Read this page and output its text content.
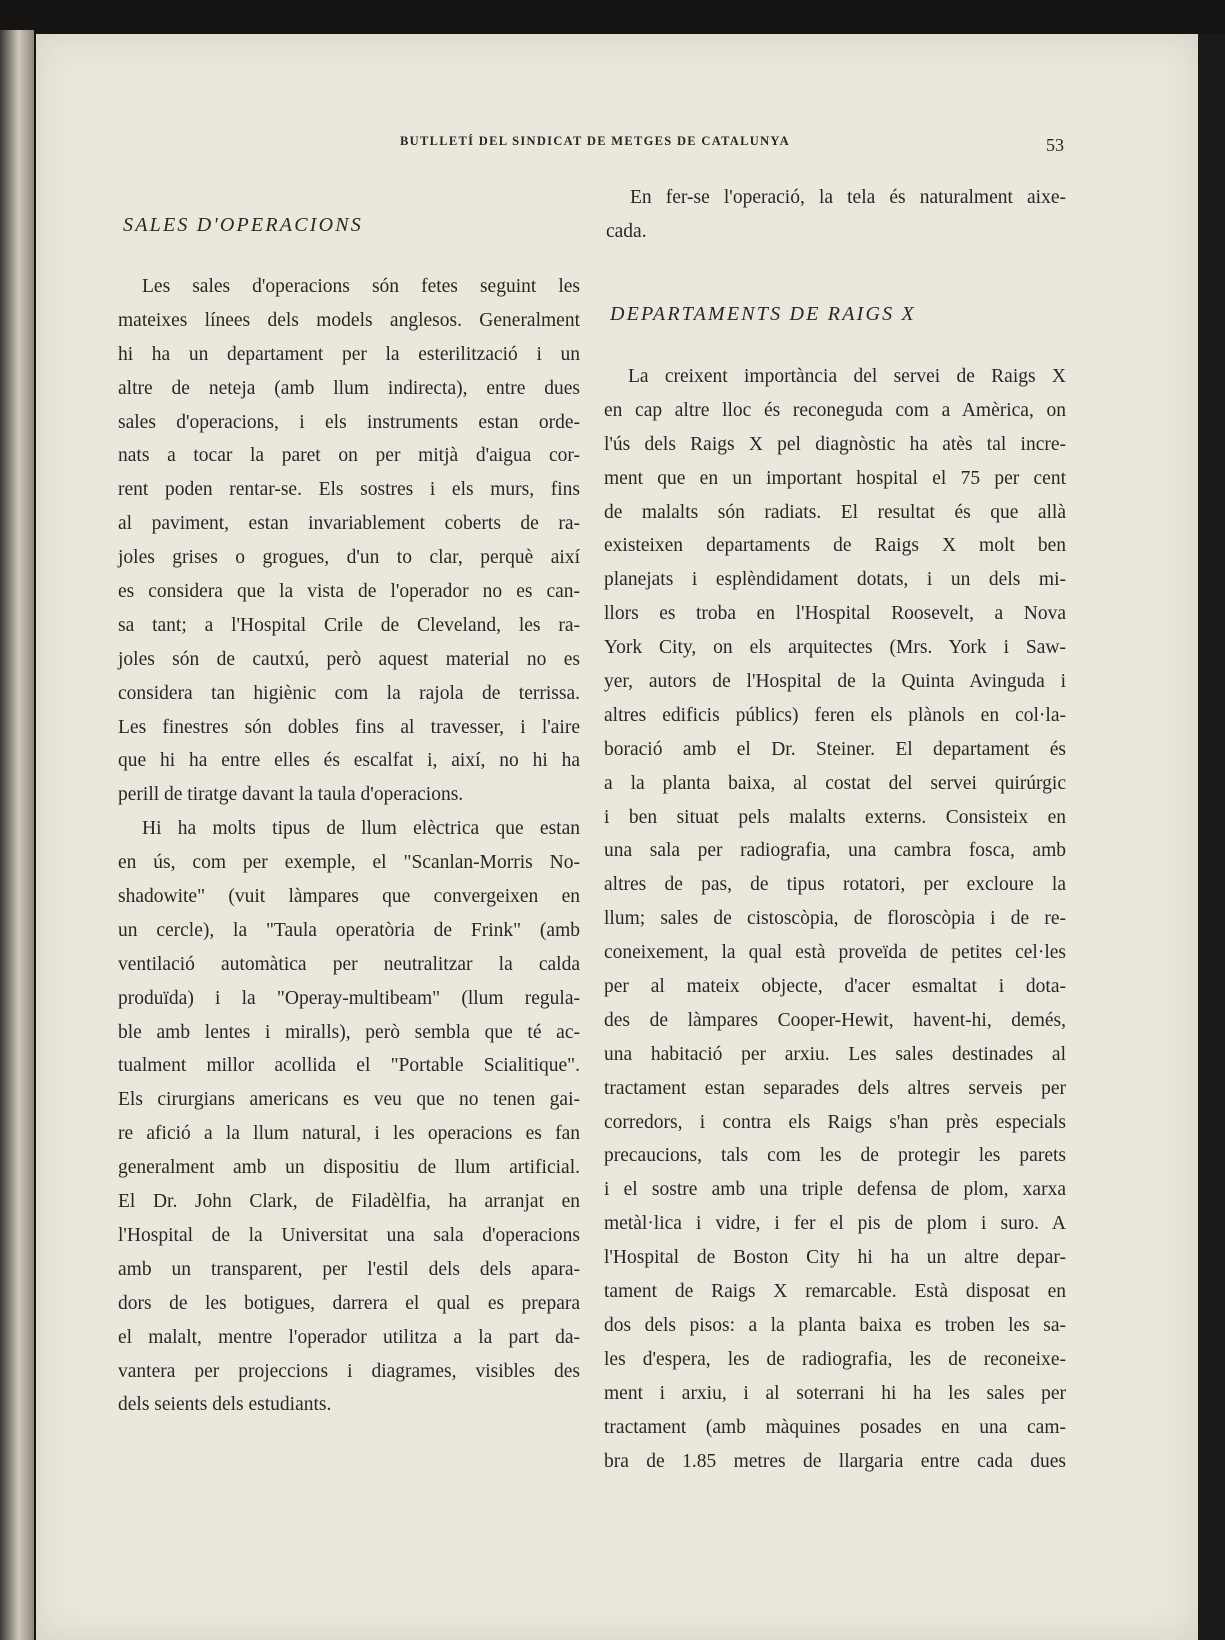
BUTLLETÍ DEL SINDICAT DE METGES DE CATALUNYA	53
SALES D'OPERACIONS
Les sales d'operacions són fetes seguint les
mateixes línees dels models anglesos. Generalment
hi ha un departament per la esterilització i un
altre de neteja (amb llum indirecta), entre dues
sales d'operacions, i els instruments estan orde-
nats a tocar la paret on per mitjà d'aigua cor-
rent poden rentar-se. Els sostres i els murs, fins
al paviment, estan invariablement coberts de ra-
joles grises o grogues, d'un to clar, perquè així
es considera que la vista de l'operador no es can-
sa tant; a l'Hospital Crile de Cleveland, les ra-
joles són de cautxú, però aquest material no es
considera tan higiènic com la rajola de terrissa.
Les finestres són dobles fins al travesser, i l'aire
que hi ha entre elles és escalfat i, així, no hi ha
perill de tiratge davant la taula d'operacions.
Hi ha molts tipus de llum elèctrica que estan
en ús, com per exemple, el "Scanlan-Morris No-
shadowite" (vuit làmpares que convergeixen en
un cercle), la "Taula operatòria de Frink" (amb
ventilació automàtica per neutralitzar la calda
produïda) i la "Operay-multibeam" (llum regula-
ble amb lentes i miralls), però sembla que té ac-
tualment millor acollida el "Portable Scialitique".
Els cirurgians americans es veu que no tenen gai-
re afició a la llum natural, i les operacions es fan
generalment amb un dispositiu de llum artificial.
El Dr. John Clark, de Filadèlfia, ha arranjat en
l'Hospital de la Universitat una sala d'operacions
amb un transparent, per l'estil dels dels apara-
dors de les botigues, darrera el qual es prepara
el malalt, mentre l'operador utilitza a la part da-
vantera per projeccions i diagrames, visibles des
dels seients dels estudiants.
En fer-se l'operació, la tela és naturalment aixe-
cada.
DEPARTAMENTS DE RAIGS X
La creixent importància del servei de Raigs X
en cap altre lloc és reconeguda com a Amèrica, on
l'ús dels Raigs X pel diagnòstic ha atès tal incre-
ment que en un important hospital el 75 per cent
de malalts són radiats. El resultat és que allà
existeixen departaments de Raigs X molt ben
planejats i esplèndidament dotats, i un dels mi-
llors es troba en l'Hospital Roosevelt, a Nova
York City, on els arquitectes (Mrs. York i Saw-
yer, autors de l'Hospital de la Quinta Avinguda i
altres edificis públics) feren els plànols en col·la-
boració amb el Dr. Steiner. El departament és
a la planta baixa, al costat del servei quirúrgic
i ben situat pels malalts externs. Consisteix en
una sala per radiografia, una cambra fosca, amb
altres de pas, de tipus rotatori, per excloure la
llum; sales de cistoscòpia, de floroscòpia i de re-
coneixement, la qual està proveïda de petites cel·les
per al mateix objecte, d'acer esmaltat i dota-
des de làmpares Cooper-Hewit, havent-hi, demés,
una habitació per arxiu. Les sales destinades al
tractament estan separades dels altres serveis per
corredors, i contra els Raigs s'han près especials
precaucions, tals com les de protegir les parets
i el sostre amb una triple defensa de plom, xarxa
metàl·lica i vidre, i fer el pis de plom i suro. A
l'Hospital de Boston City hi ha un altre depar-
tament de Raigs X remarcable. Està disposat en
dos dels pisos: a la planta baixa es troben les sa-
les d'espera, les de radiografia, les de reconeixe-
ment i arxiu, i al soterrani hi ha les sales per
tractament (amb màquines posades en una cam-
bra de 1.85 metres de llargaria entre cada dues
